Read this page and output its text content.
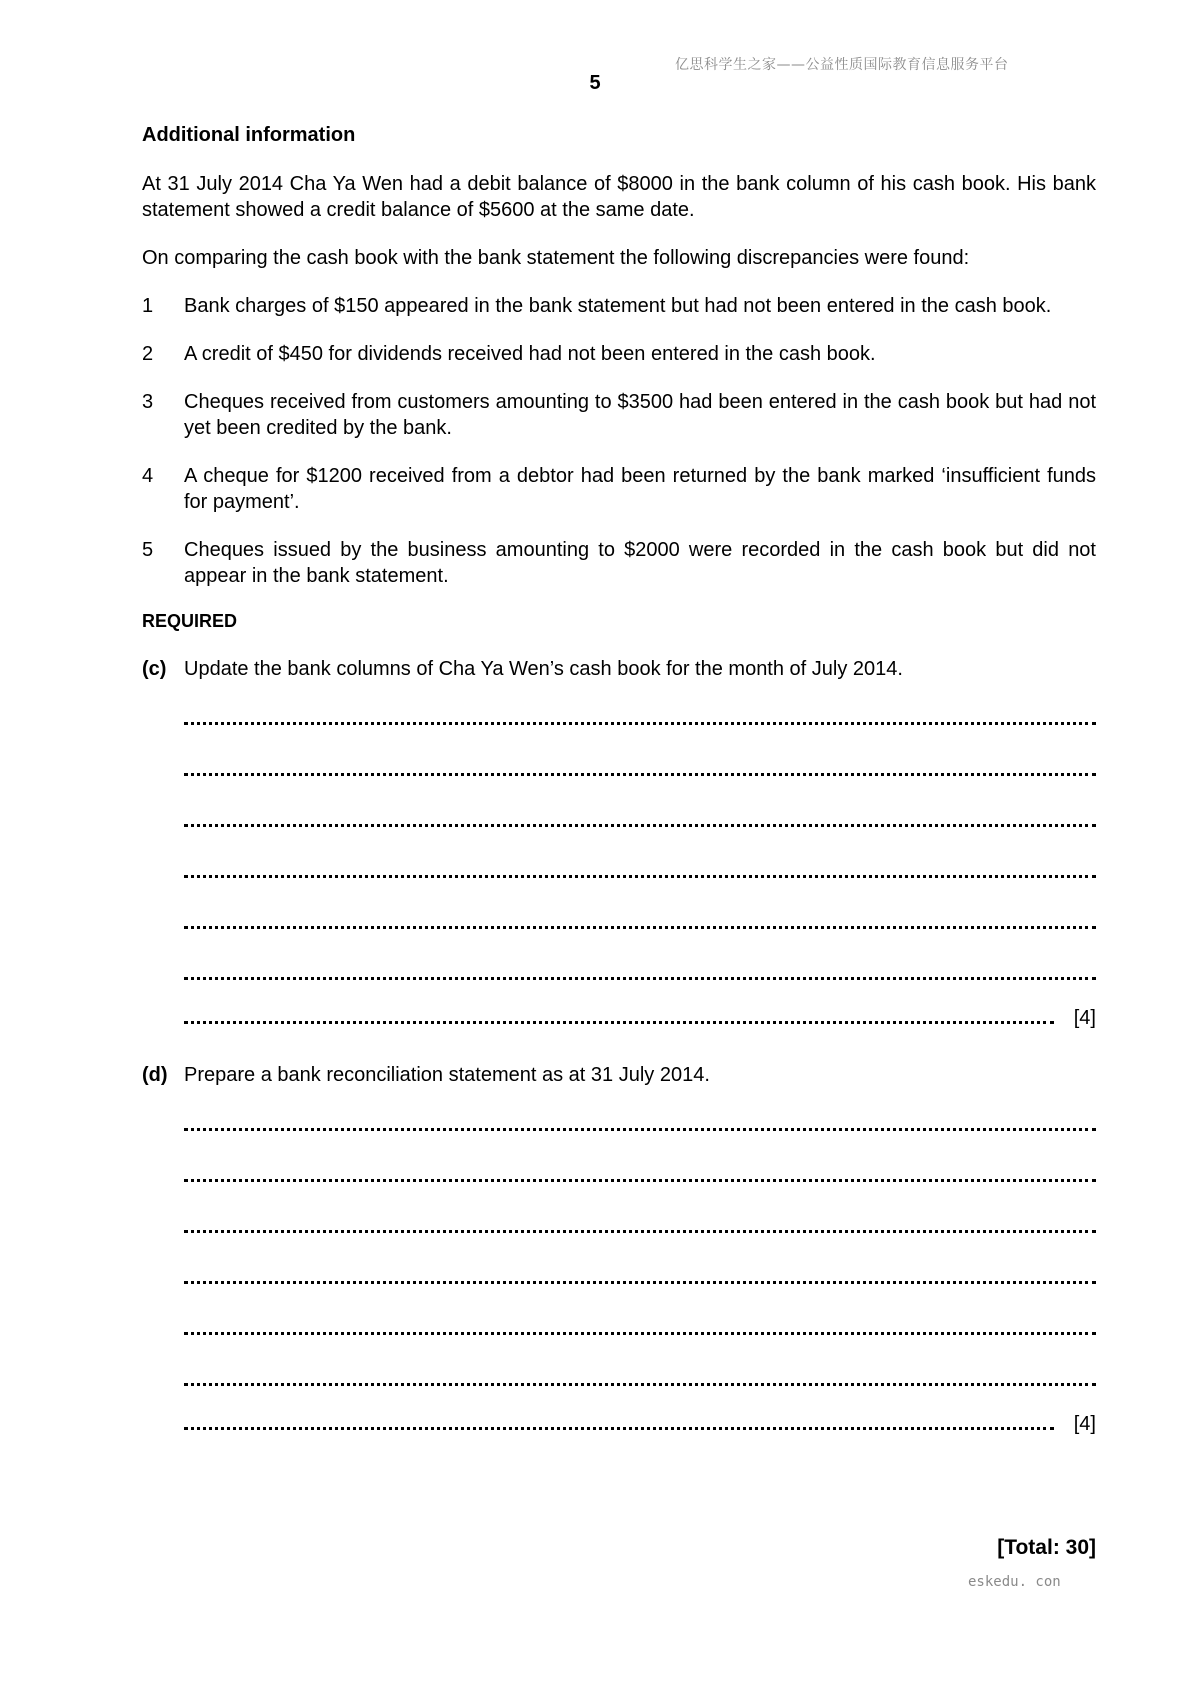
亿思科学生之家——公益性质国际教育信息服务平台
5
Additional information

At 31 July 2014 Cha Ya Wen had a debit balance of $8000 in the bank column of his cash book. His bank statement showed a credit balance of $5600 at the same date.

On comparing the cash book with the bank statement the following discrepancies were found:

1	Bank charges of $150 appeared in the bank statement but had not been entered in the cash book.
2	A credit of $450 for dividends received had not been entered in the cash book.
3	Cheques received from customers amounting to $3500 had been entered in the cash book but had not yet been credited by the bank.
4	A cheque for $1200 received from a debtor had been returned by the bank marked ‘insufficient funds for payment’.
5	Cheques issued by the business amounting to $2000 were recorded in the cash book but did not appear in the bank statement.
REQUIRED
(c) Update the bank columns of Cha Ya Wen’s cash book for the month of July 2014.
[4]
(d) Prepare a bank reconciliation statement as at 31 July 2014.
[4]
[Total: 30]
eskedu. con
